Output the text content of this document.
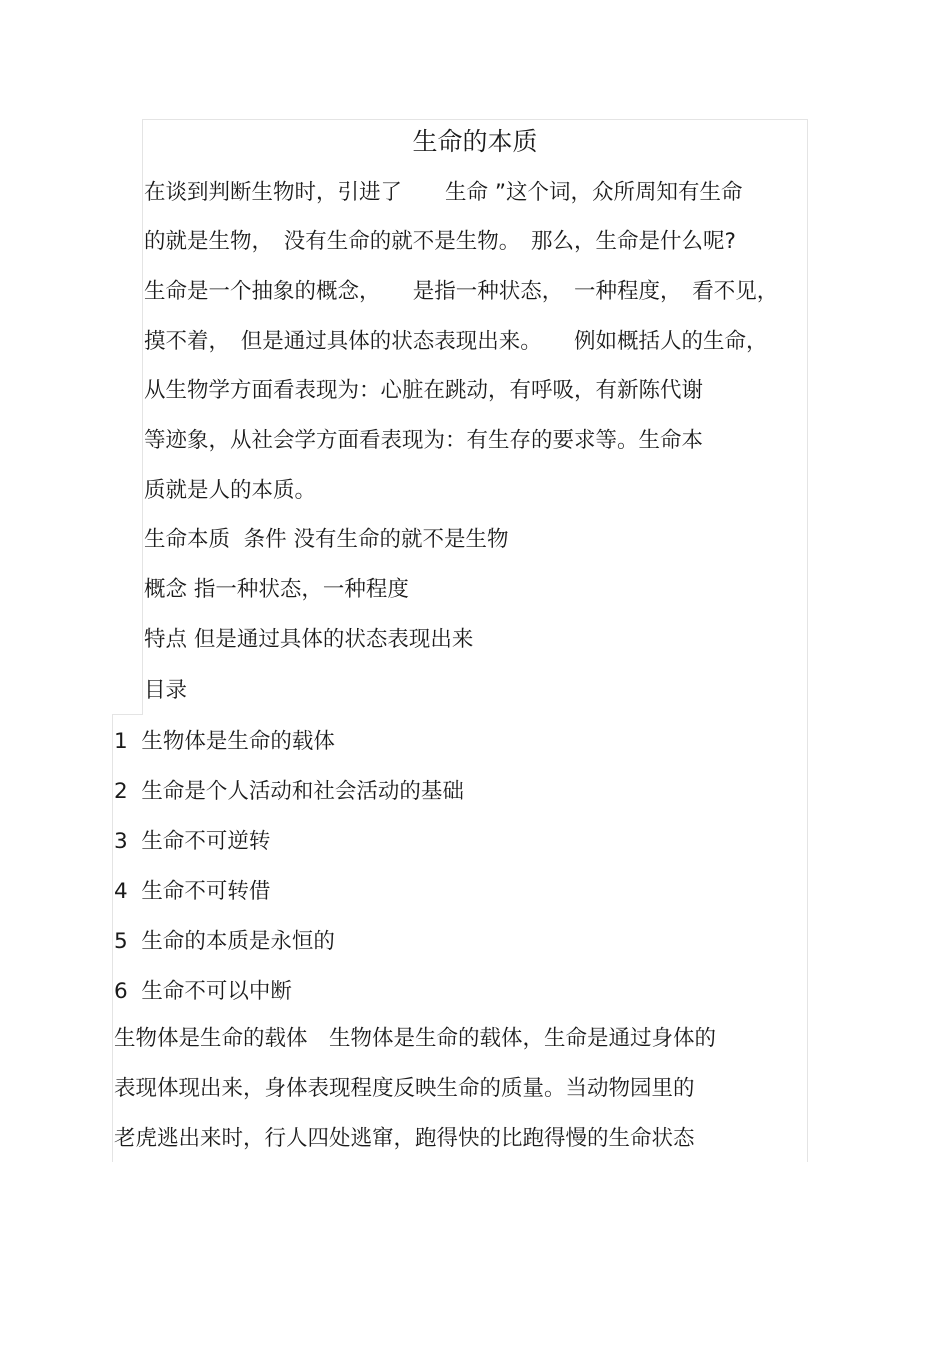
生命的本质
在谈到判断生物时，引进了　　生命 ”这个词，众所周知有生命
的就是生物，　没有生命的就不是生物。　那么，生命是什么呢?
生命是一个抽象的概念，　　是指一种状态，　一种程度，　看不见，
摸不着，　但是通过具体的状态表现出来。　　例如概括人的生命，
从生物学方面看表现为：心脏在跳动，有呼吸，有新陈代谢
等迹象，从社会学方面看表现为：有生存的要求等。生命本
质就是人的本质。
生命本质  条件 没有生命的就不是生物
概念 指一种状态，一种程度
特点 但是通过具体的状态表现出来
目录
1  生物体是生命的载体
2  生命是个人活动和社会活动的基础
3  生命不可逆转
4  生命不可转借
5  生命的本质是永恒的
6  生命不可以中断
生物体是生命的载体　生物体是生命的载体，生命是通过身体的
表现体现出来，身体表现程度反映生命的质量。当动物园里的
老虎逃出来时，行人四处逃窜，跑得快的比跑得慢的生命状态
